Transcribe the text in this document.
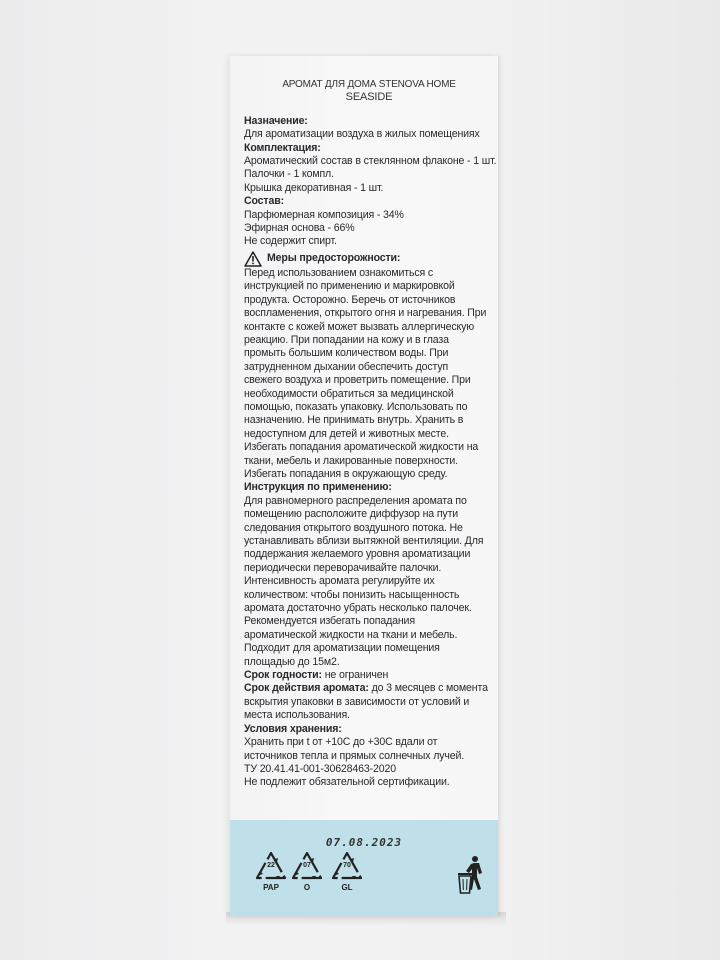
АРОМАТ ДЛЯ ДОМА STENOVA HOME
SEASIDE
Назначение:
Для ароматизации воздуха в жилых помещениях
Комплектация:
Ароматический состав в стеклянном флаконе - 1 шт.
Палочки - 1 компл.
Крышка декоративная - 1 шт.
Состав:
Парфюмерная композиция - 34%
Эфирная основа - 66%
Не содержит спирт.
Меры предосторожности:
Перед использованием ознакомиться с
инструкцией по применению и маркировкой
продукта. Осторожно. Беречь от источников
воспламенения, открытого огня и нагревания. При
контакте с кожей может вызвать аллергическую
реакцию. При попадании на кожу и в глаза
промыть большим количеством воды. При
затрудненном дыхании обеспечить доступ
свежего воздуха и проветрить помещение. При
необходимости обратиться за медицинской
помощью, показать упаковку. Использовать по
назначению. Не принимать внутрь. Хранить в
недоступном для детей и животных месте.
Избегать попадания ароматической жидкости на
ткани, мебель и лакированные поверхности.
Избегать попадания в окружающую среду.
Инструкция по применению:
Для равномерного распределения аромата по
помещению расположите диффузор на пути
следования открытого воздушного потока. Не
устанавливать вблизи вытяжной вентиляции. Для
поддержания желаемого уровня ароматизации
периодически переворачивайте палочки.
Интенсивность аромата регулируйте их
количеством: чтобы понизить насыщенность
аромата достаточно убрать несколько палочек.
Рекомендуется избегать попадания
ароматической жидкости на ткани и мебель.
Подходит для ароматизации помещения
площадью до 15м2.
Срок годности: не ограничен
Срок действия аромата: до 3 месяцев с момента
вскрытия упаковки в зависимости от условий и
места использования.
Условия хранения:
Хранить при t от +10С до +30С вдали от
источников тепла и прямых солнечных лучей.
ТУ 20.41.41-001-30628463-2020
Не подлежит обязательной сертификации.
07.08.2023
22
PAP
07
O
70
GL
